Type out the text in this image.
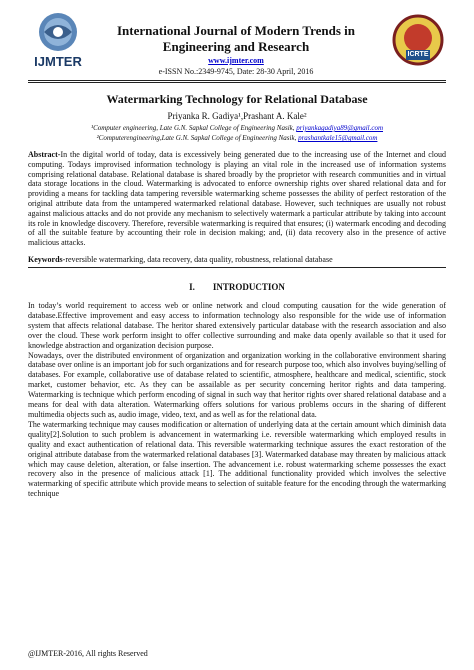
IJMTER
International Journal of Modern Trends in Engineering and Research
www.ijmter.com
e-ISSN No.:2349-9745, Date: 28-30 April, 2016
ICRTE
Watermarking Technology for Relational Database
Priyanka R. Gadiya¹,Prashant A. Kale²
¹Computer engineering, Late G.N. Sapkal College of Engineering Nasik, priyankagadiya89@gmail.com
²Computerengineering,Late G.N. Sapkal College of Engineering Nasik, prashantkale15@gmail.com
Abstract-In the digital world of today, data is excessively being generated due to the increasing use of the Internet and cloud computing. Todays improvised information technology is playing an vital role in the increased use of information systems comprising relational database. Relational database is shared broadly by the proprietor with research communities and in virtual data storage locations in the cloud. Watermarking is advocated to enforce ownership rights over shared relational data and for providing a means for tackling data tampering reversible watermarking scheme possesses the ability of perfect restoration of the original attribute data from the untampered watermarked relational database. However, such techniques are usually not robust against malicious attacks and do not provide any mechanism to selectively watermark a particular attribute by taking into account its role in knowledge discovery. Therefore, reversible watermarking is required that ensures; (i) watermark encoding and decoding of all the suitable feature by accounting their role in decision making; and, (ii) data recovery also in the presence of active malicious attacks.
Keywords-reversible watermarking, data recovery, data quality, robustness, relational database
I.        INTRODUCTION

In today’s world requirement to access web or online network and cloud computing causation for the wide generation of database.Effective improvement and easy access to information technology also responsible for the wide use of information system that affects relational database. The heritor shared extensively particular database with the research association and also over the cloud. These work perform insight to offer collective surrounding and make data openly available so that it used for knowledge abstraction and organization decision purpose.

Nowadays, over the distributed environment of organization and organization working in the collaborative environment sharing database over online is an important job for such organizations and for research purpose too, which also involves buying/selling of databases. For example, collaborative use of database related to scientific, atmosphere, healthcare and medical, scientific, stock market, customer behavior, etc. As they can be assailable as per security concerning heritor rights and data tampering. Watermarking is technique which perform encoding of signal in such way that heritor rights over shared relational database and a means for deal with data alteration. Watermarking offers solutions for various problems occurs in the sharing of different multimedia objects such as, audio image, video, text, and as well as for the relational data.

The watermarking technique may causes modification or alternation of underlying data at the certain amount which diminish data quality[2].Solution to such problem is advancement in watermarking i.e. reversible watermarking which employed results in quality and exact authentication of relational data. This reversible watermarking technique assures the exact restoration of the original attribute database from the watermarked relational databases [3]. Watermarked database may threaten by malicious attack which may cause deletion, alteration, or false insertion. The advancement i.e. robust watermarking scheme possesses the exact recovery also in the presence of malicious attack [1]. The additional functionality provided which involves the selective watermarking of specific attribute which provide means to selection of suitable feature for the encoding through the watermarking technique

@IJMTER-2016, All rights Reserved
